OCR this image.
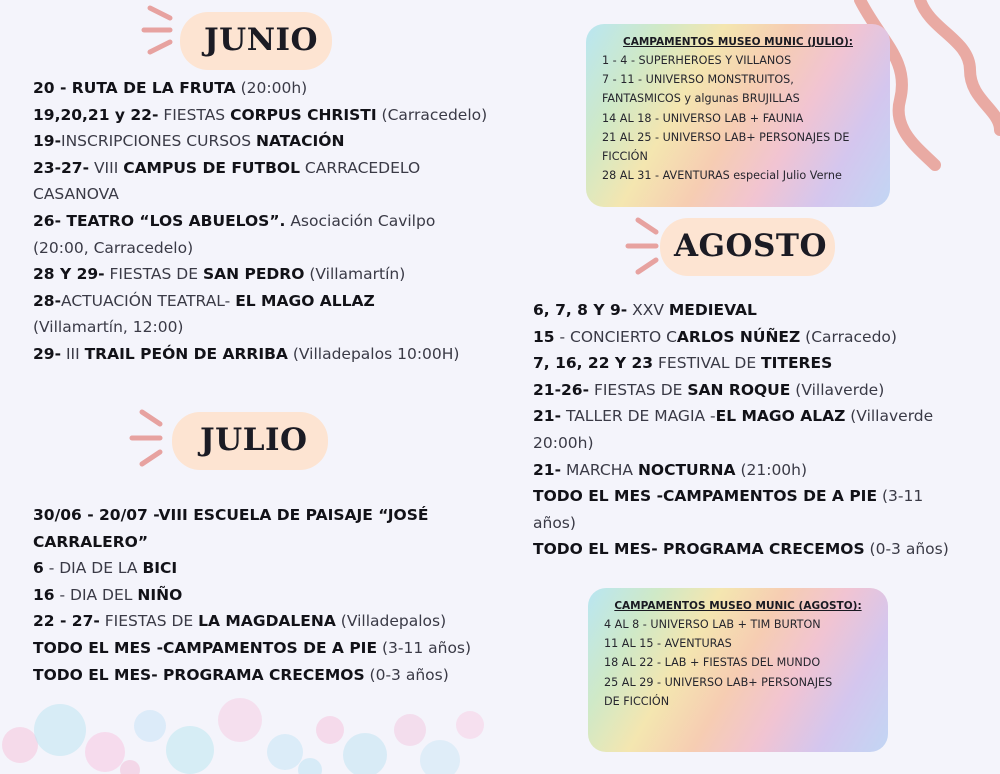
JUNIO
20 - RUTA DE LA FRUTA (20:00h)
19,20,21 y 22- FIESTAS CORPUS CHRISTI (Carracedelo)
19-INSCRIPCIONES CURSOS NATACIÓN
23-27- VIII CAMPUS DE FUTBOL CARRACEDELO
CASANOVA
26- TEATRO “LOS ABUELOS”. Asociación Cavilpo
(20:00, Carracedelo)
28 Y 29- FIESTAS DE SAN PEDRO (Villamartín)
28-ACTUACIÓN TEATRAL- EL MAGO ALLAZ
(Villamartín, 12:00)
29- III TRAIL PEÓN DE ARRIBA (Villadepalos 10:00H)
JULIO
30/06 - 20/07 -VIII ESCUELA DE PAISAJE “JOSÉ
CARRALERO”
6 - DIA DE LA BICI
16 - DIA DEL NIÑO
22 - 27- FIESTAS DE LA MAGDALENA (Villadepalos)
TODO EL MES -CAMPAMENTOS DE A PIE (3-11 años)
TODO EL MES- PROGRAMA CRECEMOS (0-3 años)
CAMPAMENTOS MUSEO MUNIC (JULIO):
1 - 4 - SUPERHEROES Y VILLANOS
7 - 11 - UNIVERSO MONSTRUITOS,
FANTASMICOS y algunas BRUJILLAS
14 AL 18 - UNIVERSO LAB + FAUNIA
21 AL 25 - UNIVERSO LAB+ PERSONAJES DE
FICCIÓN
28 AL 31 - AVENTURAS especial Julio Verne
AGOSTO
6, 7, 8 Y 9- XXV MEDIEVAL
15 - CONCIERTO CARLOS NÚÑEZ (Carracedo)
7, 16, 22 Y 23 FESTIVAL DE TITERES
21-26- FIESTAS DE SAN ROQUE (Villaverde)
21- TALLER DE MAGIA -EL MAGO ALAZ (Villaverde
20:00h)
21- MARCHA NOCTURNA (21:00h)
TODO EL MES -CAMPAMENTOS DE A PIE (3-11
años)
TODO EL MES- PROGRAMA CRECEMOS (0-3 años)
CAMPAMENTOS MUSEO MUNIC (AGOSTO):
4 AL 8 - UNIVERSO LAB + TIM BURTON
11 AL 15 - AVENTURAS
18 AL 22 - LAB + FIESTAS DEL MUNDO
25 AL 29 - UNIVERSO LAB+ PERSONAJES
DE FICCIÓN
